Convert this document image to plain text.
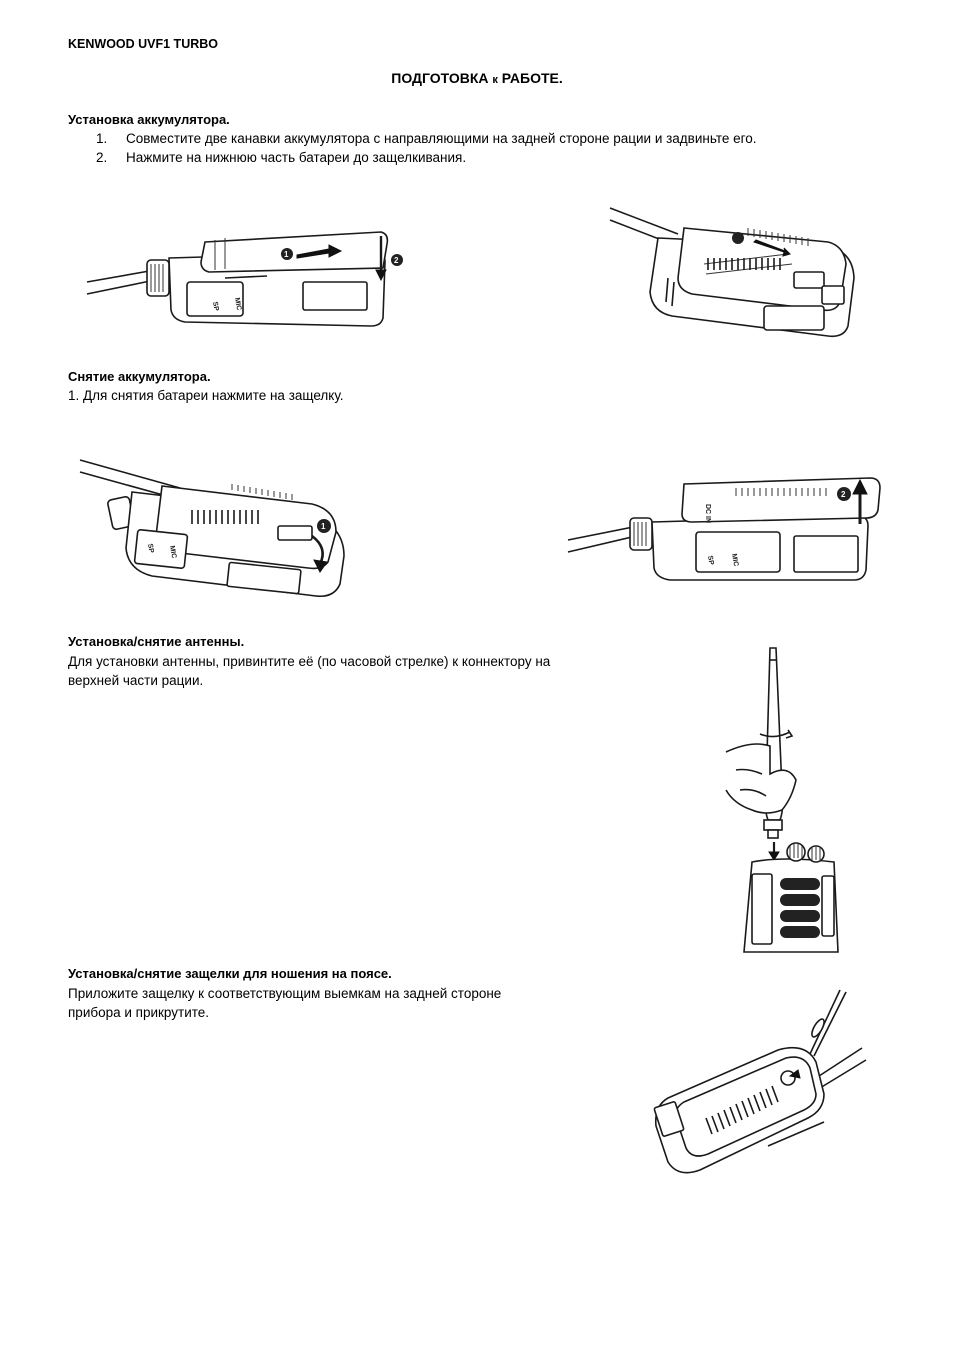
KENWOOD UVF1 TURBO
ПОДГОТОВКА к РАБОТЕ.
Установка аккумулятора.
1.	Совместите две канавки аккумулятора с направляющими на задней стороне рации и задвиньте его.
2.	Нажмите на нижнюю часть батареи до защелкивания.
SP MIC
1
2
Снятие аккумулятора.
1. Для снятия батареи нажмите на защелку.
SP MIC
1
DC IN
SP MIC
2
Установка/снятие антенны.
Для установки антенны, привинтите её (по часовой стрелке) к коннектору на
верхней части рации.
Установка/снятие защелки для ношения на поясе.
Приложите защелку к соответствующим выемкам на задней стороне
прибора и прикрутите.
